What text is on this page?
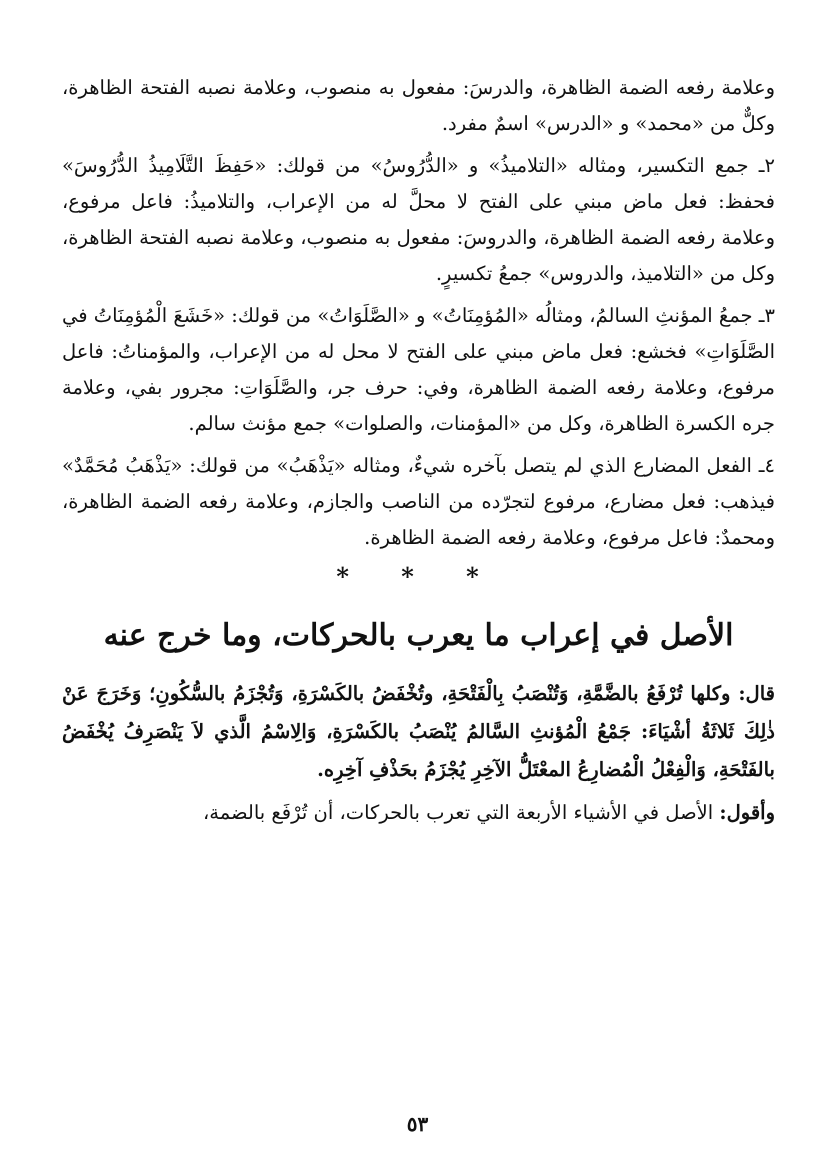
وعلامة رفعه الضمة الظاهرة، والدرسَ: مفعول به منصوب، وعلامة نصبه الفتحة الظاهرة، وكلٌّ من «محمد» و «الدرس» اسمٌ مفرد.

٢ـ جمع التكسير، ومثاله «التلاميذُ» و «الدُّرُوسُ» من قولك: «حَفِظَ التَّلَامِيذُ الدُّرُوسَ» فحفظ: فعل ماض مبني على الفتح لا محلَّ له من الإعراب، والتلاميذُ: فاعل مرفوع، وعلامة رفعه الضمة الظاهرة، والدروسَ: مفعول به منصوب، وعلامة نصبه الفتحة الظاهرة، وكل من «التلاميذ، والدروس» جمعُ تكسيرٍ.

٣ـ جمعُ المؤنثِ السالمُ، ومثالُه «المُؤمِنَاتُ» و «الصَّلَوَاتُ» من قولك: «خَشَعَ الْمُؤمِنَاتُ في الصَّلَوَاتِ» فخشع: فعل ماض مبني على الفتح لا محل له من الإعراب، والمؤمناتُ: فاعل مرفوع، وعلامة رفعه الضمة الظاهرة، وفي: حرف جر، والصَّلَوَاتِ: مجرور بفي، وعلامة جره الكسرة الظاهرة، وكل من «المؤمنات، والصلوات» جمع مؤنث سالم.

٤ـ الفعل المضارع الذي لم يتصل بآخره شيءٌ، ومثاله «يَذْهَبُ» من قولك: «يَذْهَبُ مُحَمَّدٌ» فيذهب: فعل مضارع، مرفوع لتجرّده من الناصب والجازم، وعلامة رفعه الضمة الظاهرة، ومحمدٌ: فاعل مرفوع، وعلامة رفعه الضمة الظاهرة.

* * *
الأصل في إعراب ما يعرب بالحركات، وما خرج عنه

قال: وكلها تُرْفَعُ بالضَّمَّةِ، وَتُنْصَبُ بِالْفَتْحَةِ، وتُخْفَضُ بالكَسْرَةِ، وَتُجْزَمُ بالسُّكُونِ؛ وَخَرَجَ عَنْ ذٰلِكَ ثَلاثَةُ أشْيَاءَ: جَمْعُ الْمُؤنثِ السَّالمُ يُنْصَبُ بالكَسْرَةِ، وَالِاسْمُ الَّذي لاَ يَنْصَرِفُ يُخْفَضُ بالفَتْحَةِ، وَالْفِعْلُ الْمُضارِعُ المعْتَلُّ الآخِرِ يُجْزَمُ بحَذْفِ آخِرِه.

وأقول: الأصل في الأشياء الأربعة التي تعرب بالحركات، أن تُرْفَع بالضمة،

٥٣
